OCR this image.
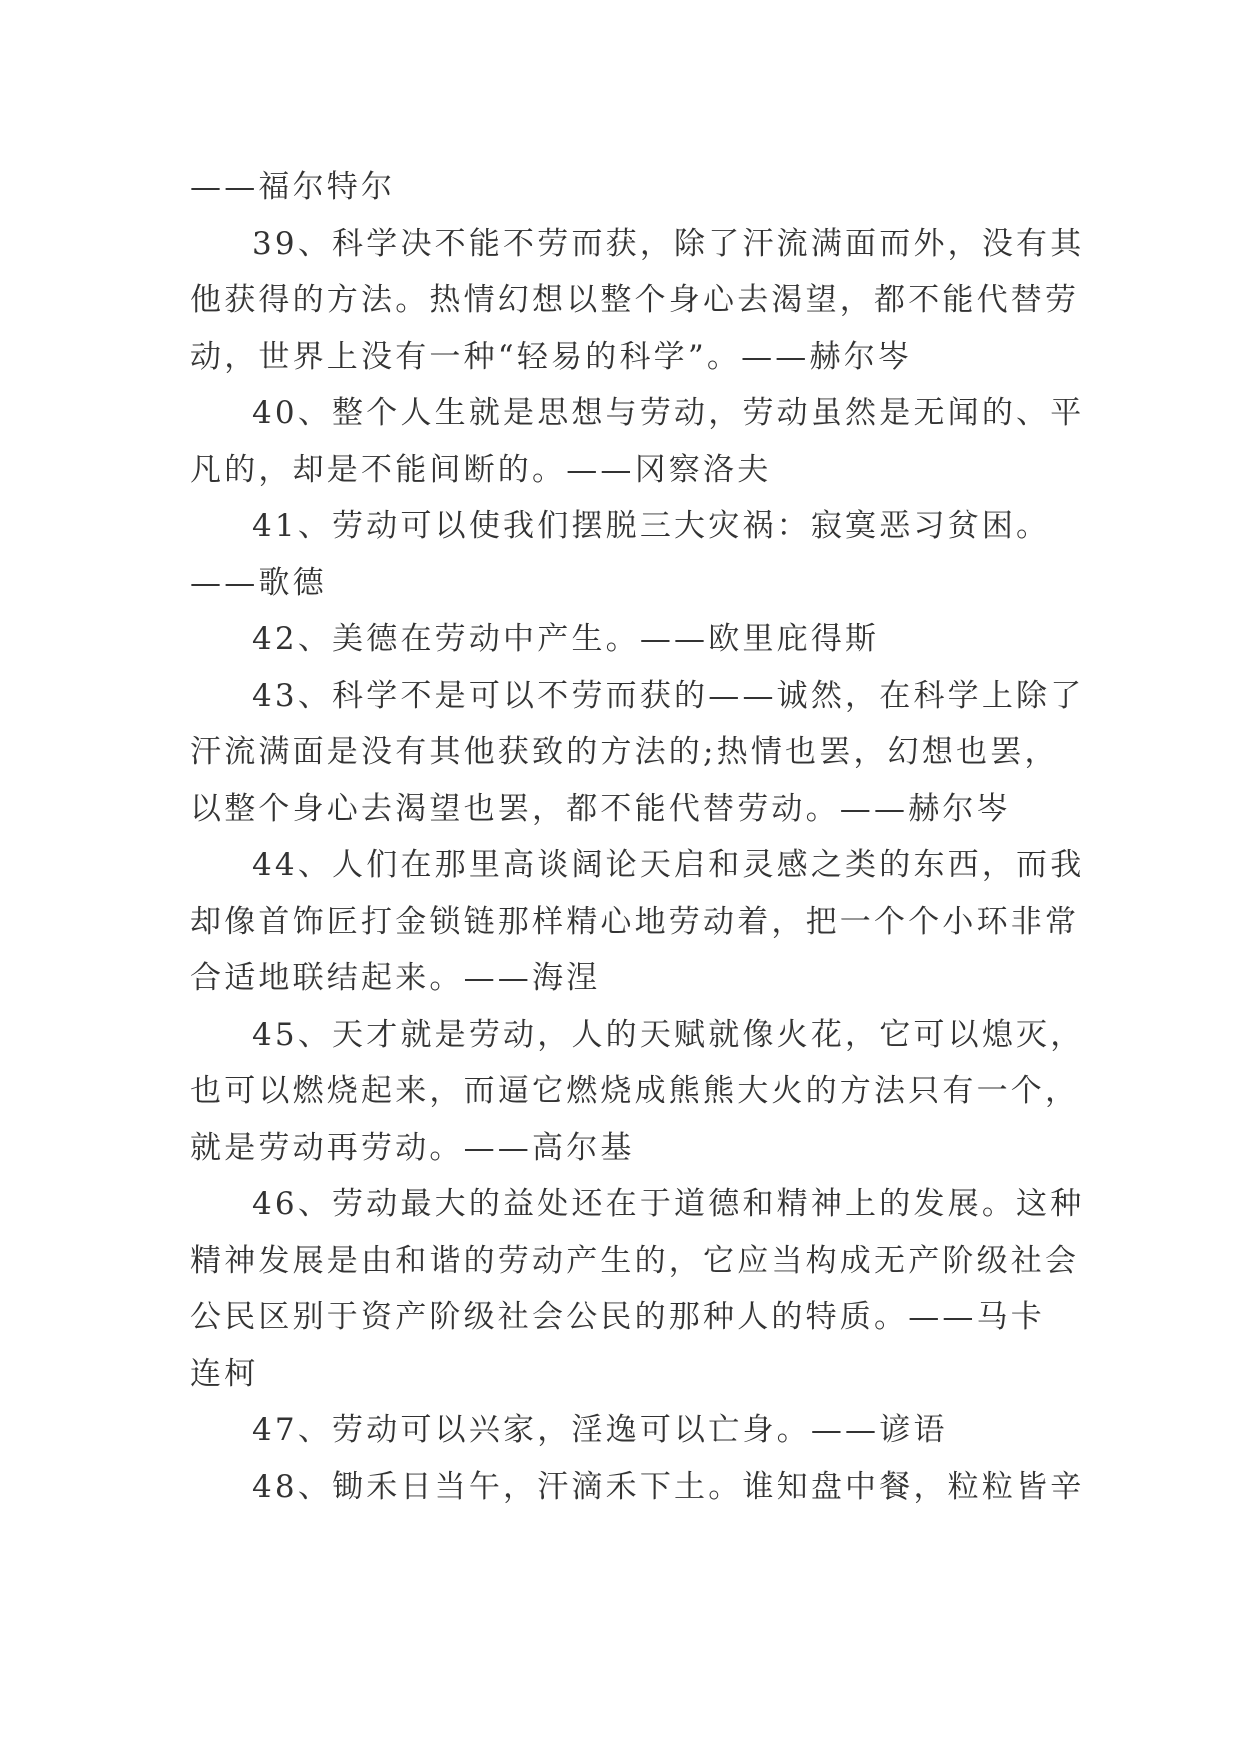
——福尔特尔
39、科学决不能不劳而获，除了汗流满面而外，没有其
他获得的方法。热情幻想以整个身心去渴望，都不能代替劳
动，世界上没有一种“轻易的科学”。——赫尔岑
40、整个人生就是思想与劳动，劳动虽然是无闻的、平
凡的，却是不能间断的。——冈察洛夫
41、劳动可以使我们摆脱三大灾祸：寂寞恶习贫困。
——歌德
42、美德在劳动中产生。——欧里庇得斯
43、科学不是可以不劳而获的——诚然，在科学上除了
汗流满面是没有其他获致的方法的;热情也罢，幻想也罢，
以整个身心去渴望也罢，都不能代替劳动。——赫尔岑
44、人们在那里高谈阔论天启和灵感之类的东西，而我
却像首饰匠打金锁链那样精心地劳动着，把一个个小环非常
合适地联结起来。——海涅
45、天才就是劳动，人的天赋就像火花，它可以熄灭，
也可以燃烧起来，而逼它燃烧成熊熊大火的方法只有一个，
就是劳动再劳动。——高尔基
46、劳动最大的益处还在于道德和精神上的发展。这种
精神发展是由和谐的劳动产生的，它应当构成无产阶级社会
公民区别于资产阶级社会公民的那种人的特质。——马卡
连柯
47、劳动可以兴家，淫逸可以亡身。——谚语
48、锄禾日当午，汗滴禾下土。谁知盘中餐，粒粒皆辛
